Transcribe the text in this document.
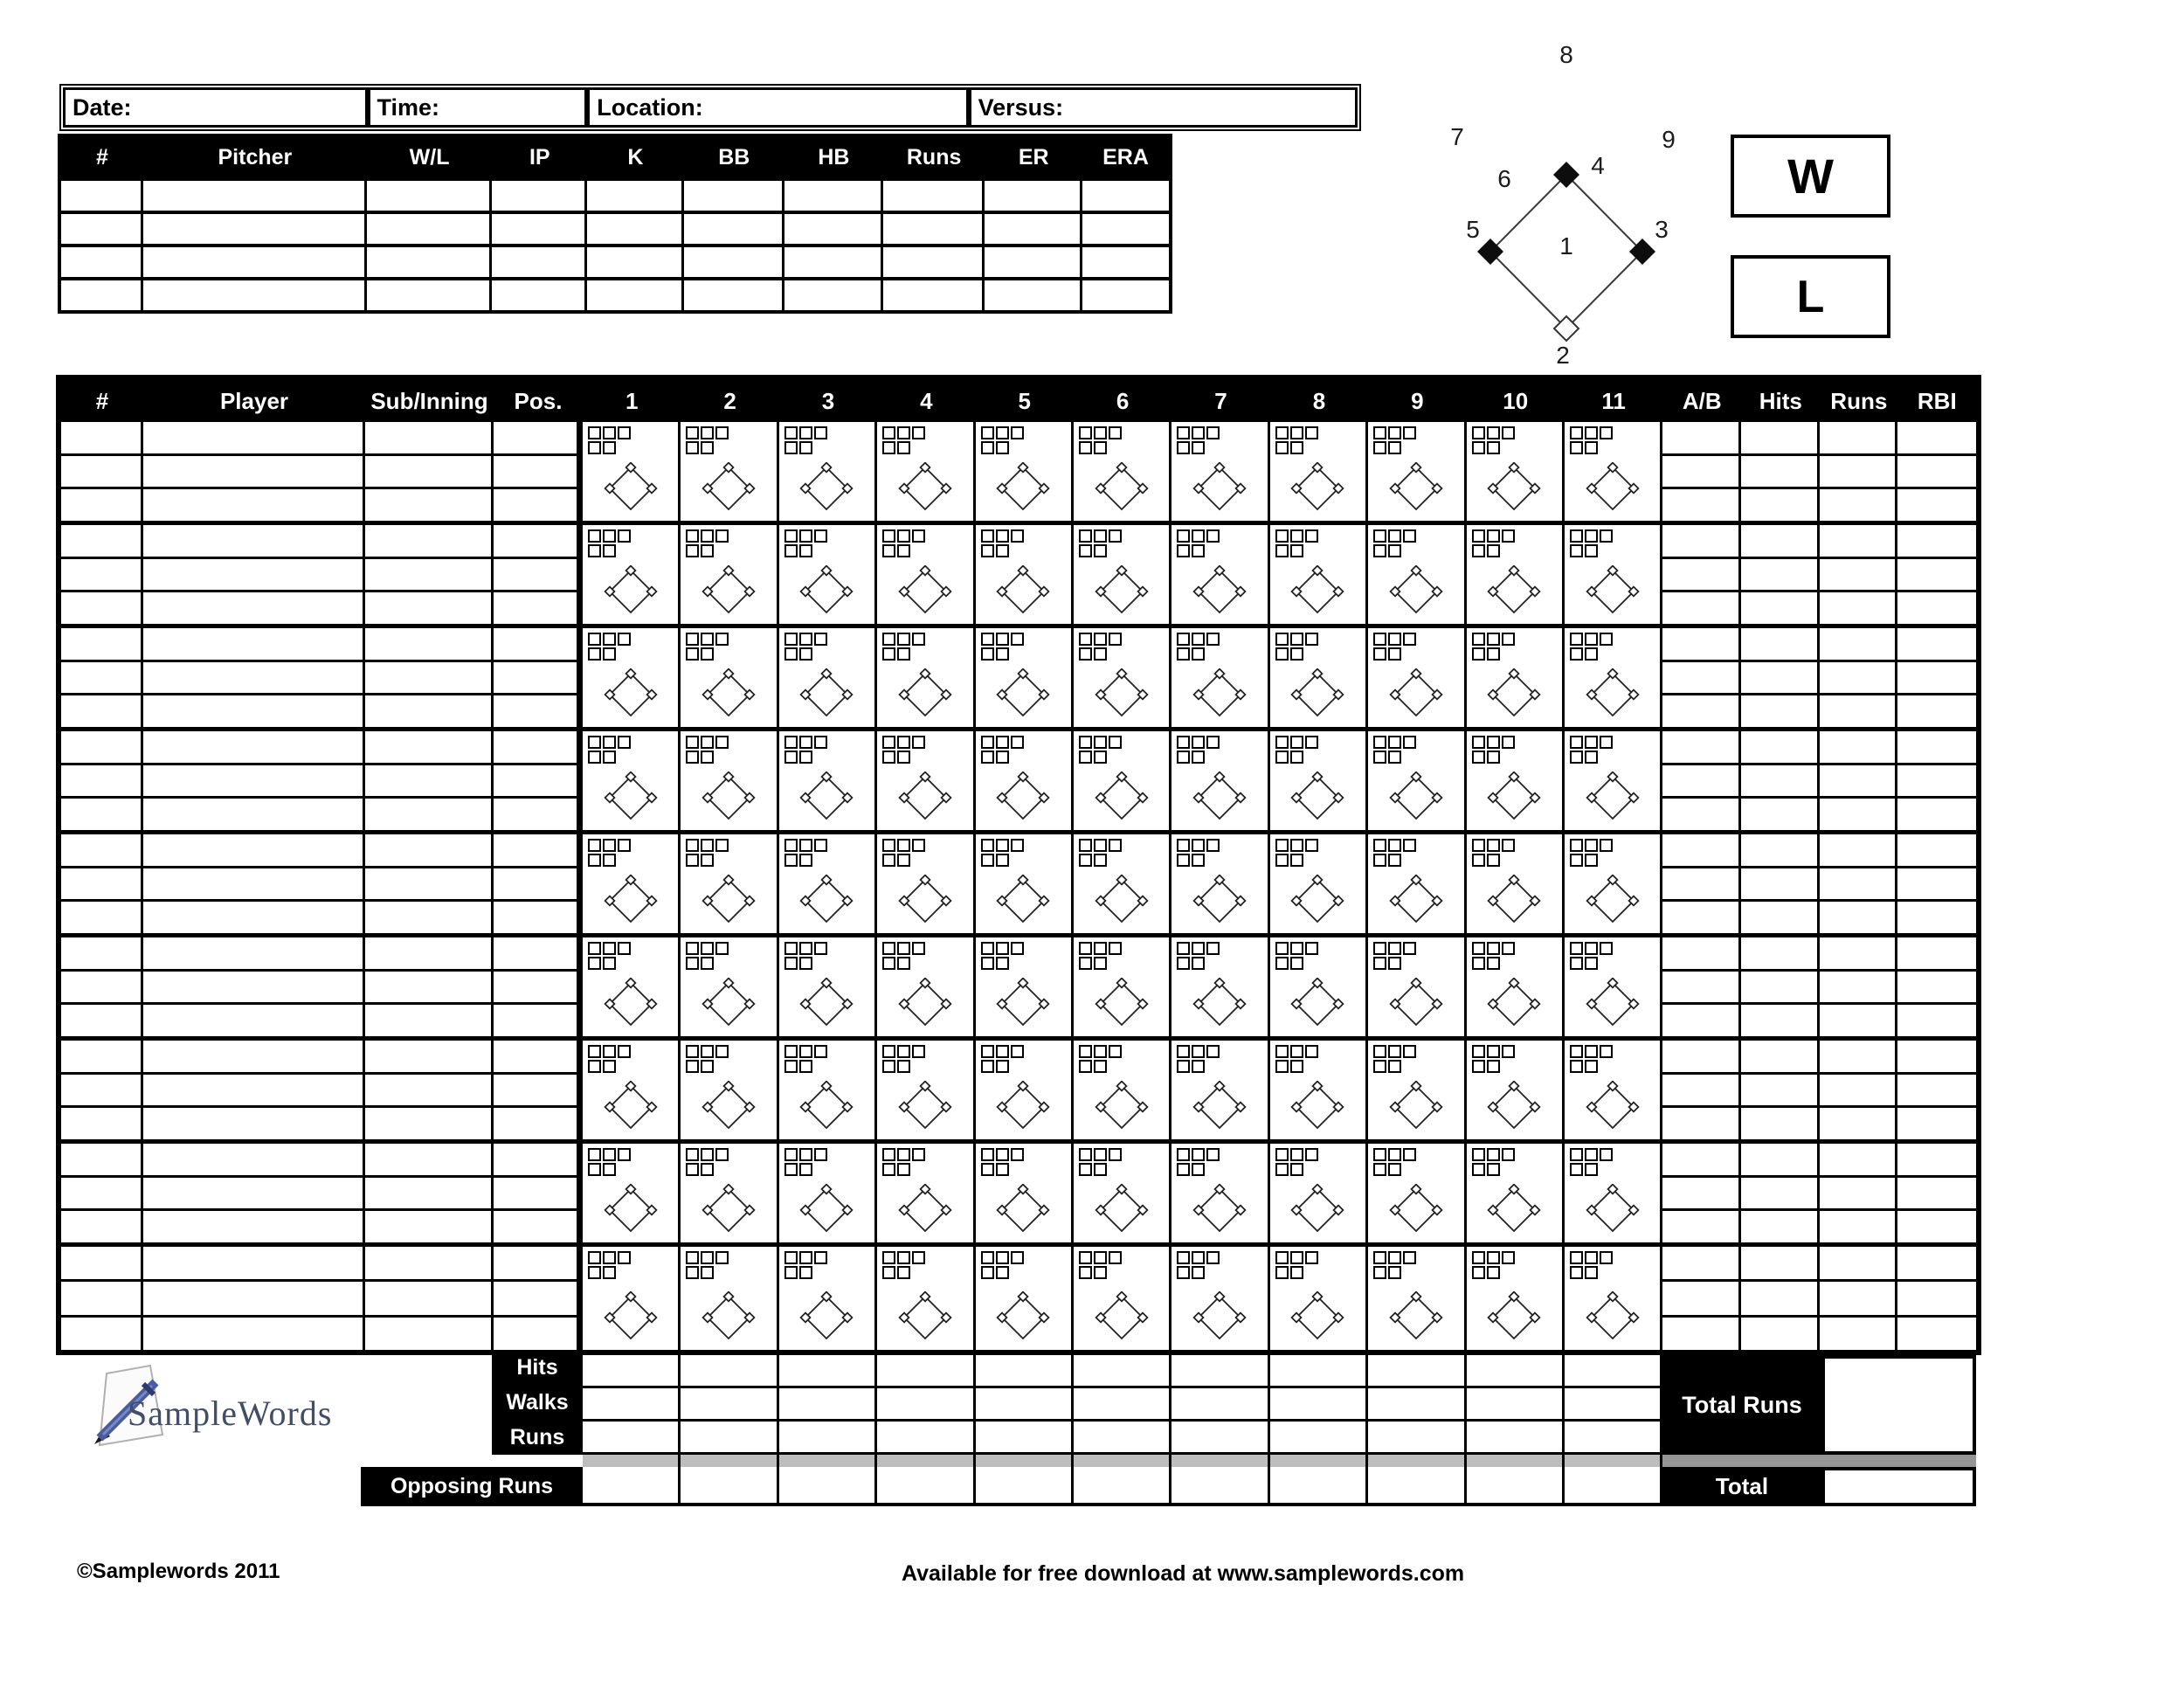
Date:	Time:	Location:	Versus:
#	Pitcher	W/L	IP	K	BB	HB	Runs	ER	ERA
1
2
3
4
5
6
7
8
9
W
L
#	Player	Sub/Inning	Pos.	1	2	3	4	5	6	7	8	9	10	11	A/B	Hits	Runs	RBI
Hits
Walks
Runs
Opposing Runs
Total Runs
Total
SampleWords
©Samplewords 2011	Available for free download at www.samplewords.com
